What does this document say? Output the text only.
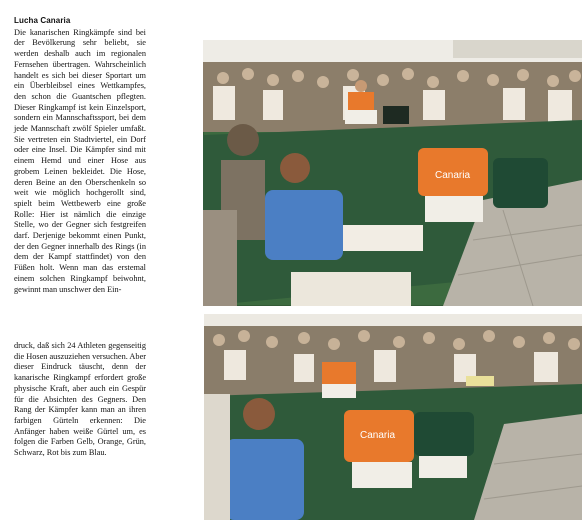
Lucha Canaria

Die kanarischen Ringkämpfe sind bei der Bevölkerung sehr beliebt, sie werden deshalb auch im regionalen Fernsehen übertragen. Wahrscheinlich handelt es sich bei dieser Sportart um ein Überbleibsel eines Wettkampfes, den schon die Guantschen pflegten. Dieser Ringkampf ist kein Einzelsport, sondern ein Mannschaftssport, bei dem jede Mannschaft zwölf Spieler umfaßt. Sie vertreten ein Stadtviertel, ein Dorf oder eine Insel. Die Kämpfer sind mit einem Hemd und einer Hose aus grobem Leinen bekleidet. Die Hose, deren Beine an den Oberschenkeln so weit wie möglich hochgerollt sind, spielt beim Wettbewerb eine große Rolle: Hier ist nämlich die einzige Stelle, wo der Gegner sich festgreifen darf. Derjenige bekommt einen Punkt, der den Gegner innerhalb des Rings (in dem der Kampf stattfindet) von den Füßen holt. Wenn man das erstemal einem solchen Ringkampf beiwohnt, gewinnt man unschwer den Ein-

druck, daß sich 24 Athleten gegenseitig die Hosen auszuziehen versuchen. Aber dieser Eindruck täuscht, denn der kanarische Ringkampf erfordert große physische Kraft, aber auch ein Gespür für die Absichten des Gegners. Den Rang der Kämpfer kann man an ihren farbigen Gürteln erkennen: Die Anfänger haben weiße Gürtel um, es folgen die Farben Gelb, Orange, Grün, Schwarz, Rot bis zum Blau.

Canaria
Canaria
